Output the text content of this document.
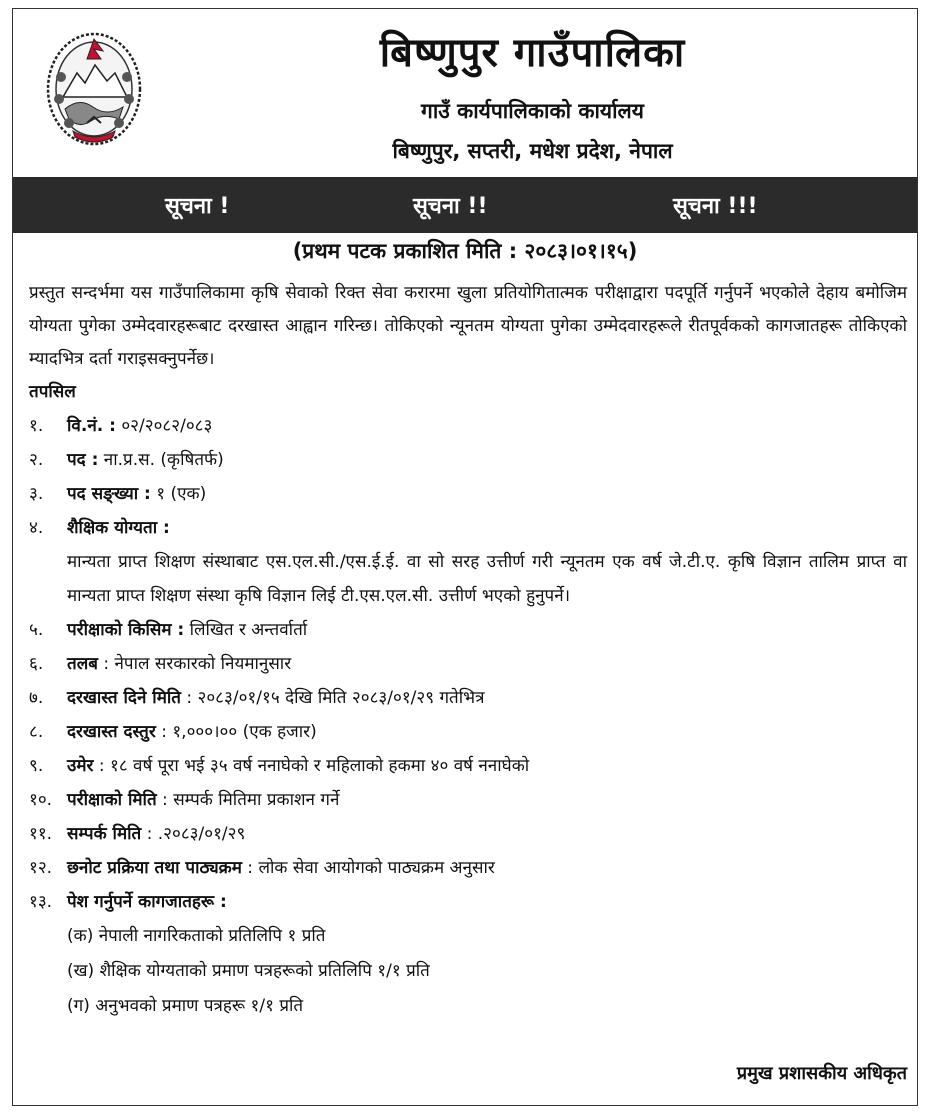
बिष्णुपुर गाउँपालिका
गाउँ कार्यपालिकाको कार्यालय
बिष्णुपुर, सप्तरी, मधेश प्रदेश, नेपाल
सूचना !	सूचना !!	सूचना !!!
(प्रथम पटक प्रकाशित मिति : २०८३।०१।१५)

प्रस्तुत सन्दर्भमा यस गाउँपालिकामा कृषि सेवाको रिक्त सेवा करारमा खुला प्रतियोगितात्मक परीक्षाद्वारा पदपूर्ति गर्नुपर्ने भएकोले देहाय बमोजिम योग्यता पुगेका उम्मेदवारहरूबाट दरखास्त आह्वान गरिन्छ। तोकिएको न्यूनतम योग्यता पुगेका उम्मेदवारहरूले रीतपूर्वकको कागजातहरू तोकिएको म्यादभित्र दर्ता गराइसक्नुपर्नेछ।

तपसिल
१. वि.नं. : ०२/२०८२/०८३
२. पद : ना.प्र.स. (कृषितर्फ)
३. पद सङ्ख्या : १ (एक)
४. शैक्षिक योग्यता :

मान्यता प्राप्त शिक्षण संस्थाबाट एस.एल.सी./एस.ई.ई. वा सो सरह उत्तीर्ण गरी न्यूनतम एक वर्ष जे.टी.ए. कृषि विज्ञान तालिम प्राप्त वा मान्यता प्राप्त शिक्षण संस्था कृषि विज्ञान लिई टी.एस.एल.सी. उत्तीर्ण भएको हुनुपर्ने।

५. परीक्षाको किसिम : लिखित र अन्तर्वार्ता
६. तलब : नेपाल सरकारको नियमानुसार
७. दरखास्त दिने मिति : २०८३/०१/१५ देखि मिति २०८३/०१/२९ गतेभित्र
८. दरखास्त दस्तुर : १,०००।०० (एक हजार)
९. उमेर : १८ वर्ष पूरा भई ३५ वर्ष ननाघेको र महिलाको हकमा ४० वर्ष ननाघेको
१०. परीक्षाको मिति : सम्पर्क मितिमा प्रकाशन गर्ने
११. सम्पर्क मिति : .२०८३/०१/२९
१२. छनोट प्रक्रिया तथा पाठ्यक्रम : लोक सेवा आयोगको पाठ्यक्रम अनुसार
१३. पेश गर्नुपर्ने कागजातहरू :
(क) नेपाली नागरिकताको प्रतिलिपि १ प्रति
(ख) शैक्षिक योग्यताको प्रमाण पत्रहरूको प्रतिलिपि १/१ प्रति
(ग) अनुभवको प्रमाण पत्रहरू १/१ प्रति
प्रमुख प्रशासकीय अधिकृत
